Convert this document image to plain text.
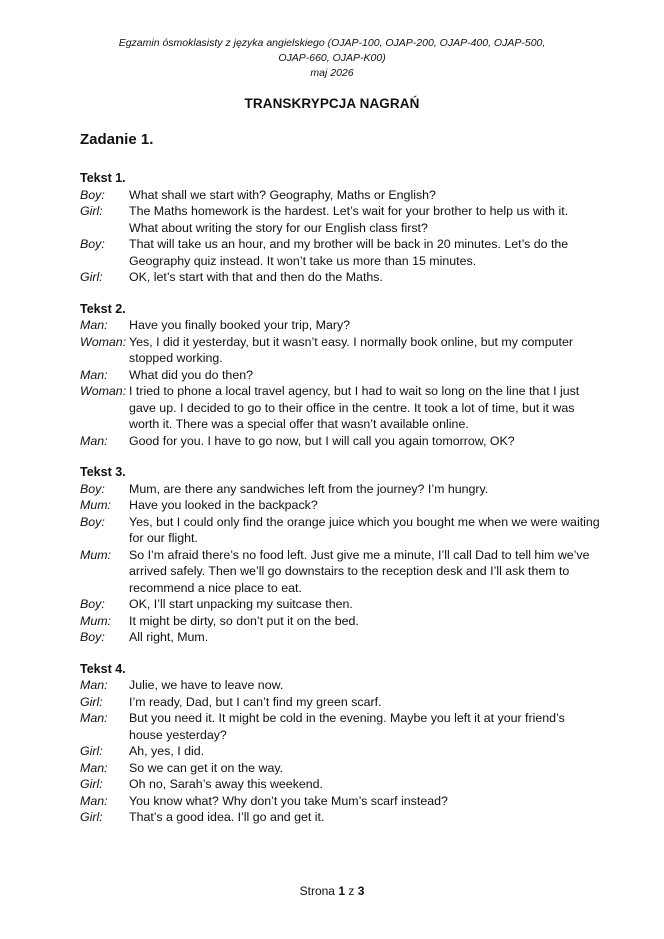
Egzamin ósmoklasisty z języka angielskiego (OJAP-100, OJAP-200, OJAP-400, OJAP-500,
OJAP-660, OJAP-K00)
maj 2026
TRANSKRYPCJA NAGRAŃ
Zadanie 1.
Tekst 1.
Boy:	What shall we start with? Geography, Maths or English?
Girl:	The Maths homework is the hardest. Let’s wait for your brother to help us with it. What about writing the story for our English class first?
Boy:	That will take us an hour, and my brother will be back in 20 minutes. Let’s do the Geography quiz instead. It won’t take us more than 15 minutes.
Girl:	OK, let’s start with that and then do the Maths.
Tekst 2.
Man:	Have you finally booked your trip, Mary?
Woman: Yes, I did it yesterday, but it wasn’t easy. I normally book online, but my computer stopped working.
Man:	What did you do then?
Woman: I tried to phone a local travel agency, but I had to wait so long on the line that I just gave up. I decided to go to their office in the centre. It took a lot of time, but it was worth it. There was a special offer that wasn’t available online.
Man:	Good for you. I have to go now, but I will call you again tomorrow, OK?
Tekst 3.
Boy:	Mum, are there any sandwiches left from the journey? I’m hungry.
Mum:	Have you looked in the backpack?
Boy:	Yes, but I could only find the orange juice which you bought me when we were waiting for our flight.
Mum:	So I’m afraid there’s no food left. Just give me a minute, I’ll call Dad to tell him we’ve arrived safely. Then we’ll go downstairs to the reception desk and I’ll ask them to recommend a nice place to eat.
Boy:	OK, I’ll start unpacking my suitcase then.
Mum:	It might be dirty, so don’t put it on the bed.
Boy:	All right, Mum.
Tekst 4.
Man:	Julie, we have to leave now.
Girl:	I’m ready, Dad, but I can’t find my green scarf.
Man:	But you need it. It might be cold in the evening. Maybe you left it at your friend’s house yesterday?
Girl:	Ah, yes, I did.
Man:	So we can get it on the way.
Girl:	Oh no, Sarah’s away this weekend.
Man:	You know what? Why don’t you take Mum’s scarf instead?
Girl:	That’s a good idea. I’ll go and get it.
Strona 1 z 3
